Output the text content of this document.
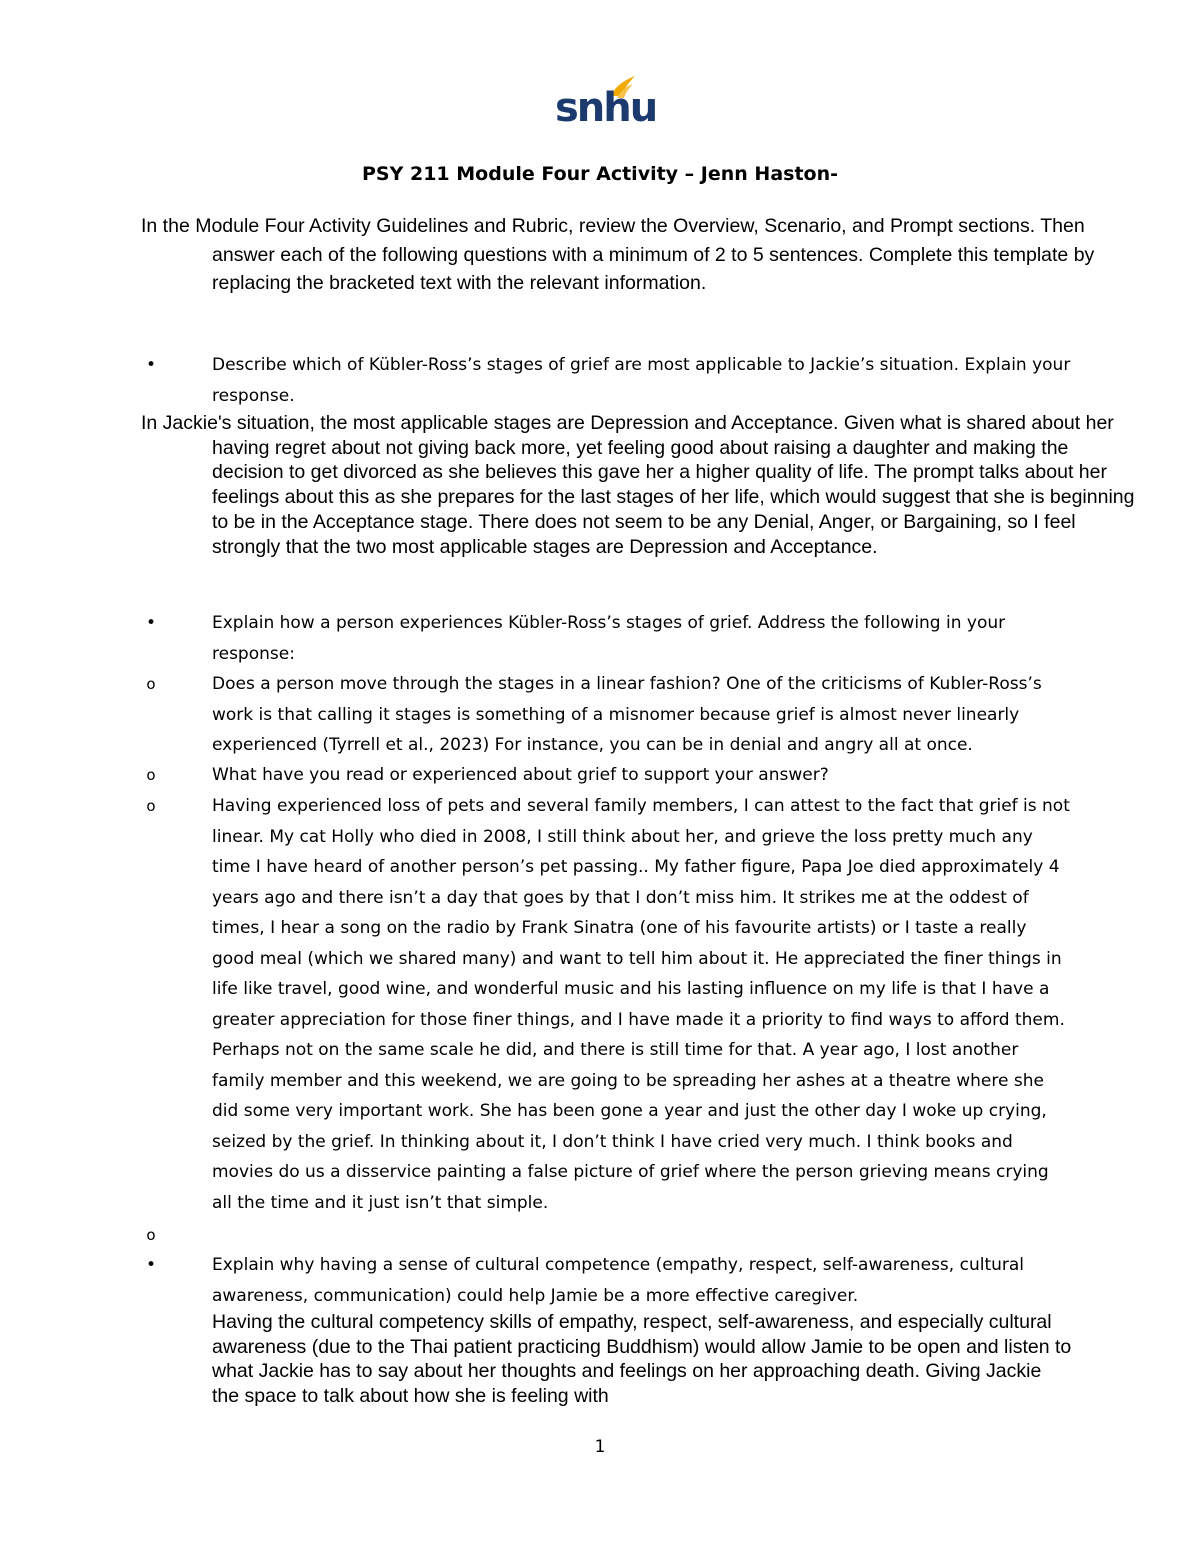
snhu
PSY 211 Module Four Activity – Jenn Haston-
In the Module Four Activity Guidelines and Rubric, review the Overview, Scenario, and Prompt sections. Then answer each of the following questions with a minimum of 2 to 5 sentences. Complete this template by replacing the bracketed text with the relevant information.
•	Describe which of Kübler-Ross’s stages of grief are most applicable to Jackie’s situation. Explain your response.
In Jackie's situation, the most applicable stages are Depression and Acceptance. Given what is shared about her having regret about not giving back more, yet feeling good about raising a daughter and making the decision to get divorced as she believes this gave her a higher quality of life. The prompt talks about her feelings about this as she prepares for the last stages of her life, which would suggest that she is beginning to be in the Acceptance stage. There does not seem to be any Denial, Anger, or Bargaining, so I feel strongly that the two most applicable stages are Depression and Acceptance.
•	Explain how a person experiences Kübler-Ross’s stages of grief. Address the following in your response:
o	Does a person move through the stages in a linear fashion? One of the criticisms of Kubler-Ross’s work is that calling it stages is something of a misnomer because grief is almost never linearly experienced (Tyrrell et al., 2023) For instance, you can be in denial and angry all at once.
o	What have you read or experienced about grief to support your answer?
o	Having experienced loss of pets and several family members, I can attest to the fact that grief is not linear. My cat Holly who died in 2008, I still think about her, and grieve the loss pretty much any time I have heard of another person’s pet passing.. My father figure, Papa Joe died approximately 4 years ago and there isn’t a day that goes by that I don’t miss him. It strikes me at the oddest of times, I hear a song on the radio by Frank Sinatra (one of his favourite artists) or I taste a really good meal (which we shared many) and want to tell him about it. He appreciated the finer things in life like travel, good wine, and wonderful music and his lasting influence on my life is that I have a greater appreciation for those finer things, and I have made it a priority to find ways to afford them. Perhaps not on the same scale he did, and there is still time for that. A year ago, I lost another family member and this weekend, we are going to be spreading her ashes at a theatre where she did some very important work. She has been gone a year and just the other day I woke up crying, seized by the grief. In thinking about it, I don’t think I have cried very much. I think books and movies do us a disservice painting a false picture of grief where the person grieving means crying all the time and it just isn’t that simple.
o
•	Explain why having a sense of cultural competence (empathy, respect, self-awareness, cultural awareness, communication) could help Jamie be a more effective caregiver.
Having the cultural competency skills of empathy, respect, self-awareness, and especially cultural awareness (due to the Thai patient practicing Buddhism) would allow Jamie to be open and listen to what Jackie has to say about her thoughts and feelings on her approaching death. Giving Jackie the space to talk about how she is feeling with
1
